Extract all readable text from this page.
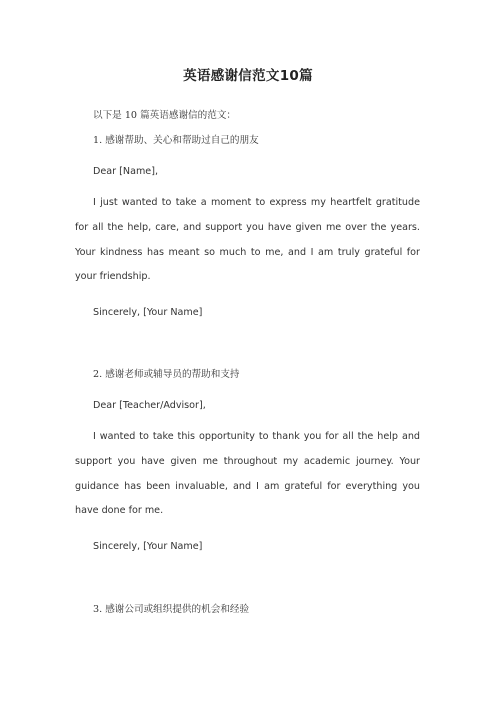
英语感谢信范文10篇
以下是 10 篇英语感谢信的范文：
1. 感谢帮助、关心和帮助过自己的朋友
Dear [Name],
I just wanted to take a moment to express my heartfelt gratitude for all the help, care, and support you have given me over the years. Your kindness has meant so much to me, and I am truly grateful for your friendship.
Sincerely, [Your Name]
2. 感谢老师或辅导员的帮助和支持
Dear [Teacher/Advisor],
I wanted to take this opportunity to thank you for all the help and support you have given me throughout my academic journey. Your guidance has been invaluable, and I am grateful for everything you have done for me.
Sincerely, [Your Name]
3. 感谢公司或组织提供的机会和经验
